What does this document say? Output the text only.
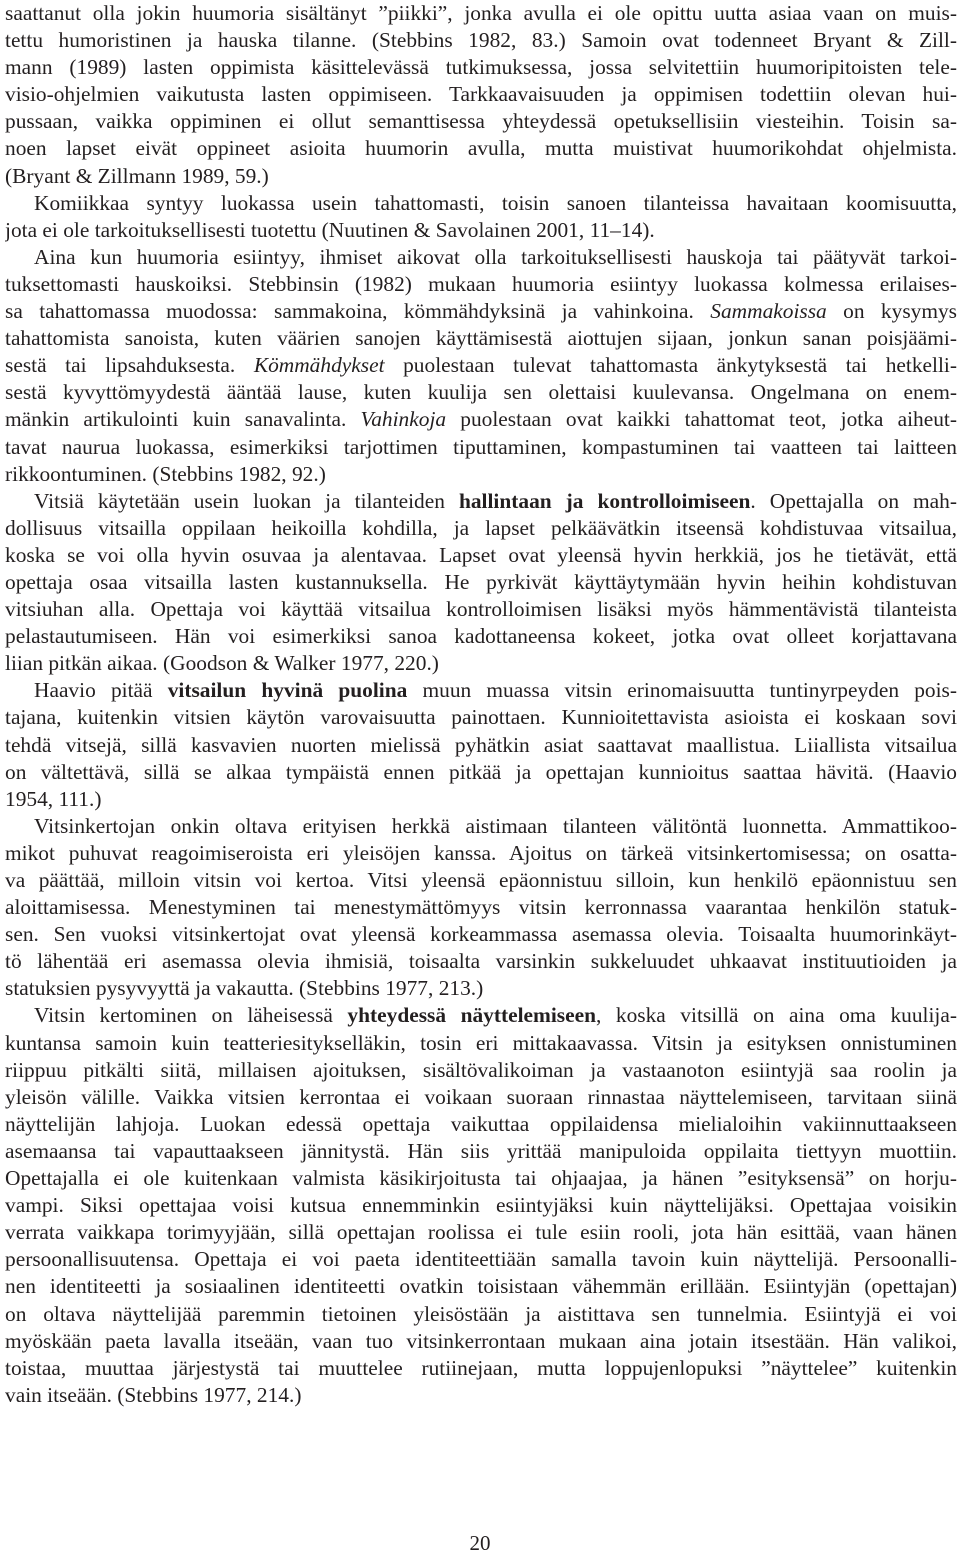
saattanut olla jokin huumoria sisältänyt ”piikki”, jonka avulla ei ole opittu uutta asiaa vaan on muis-
tettu humoristinen ja hauska tilanne. (Stebbins 1982, 83.) Samoin ovat todenneet Bryant & Zill-
mann (1989) lasten oppimista käsittelevässä tutkimuksessa, jossa selvitettiin huumoripitoisten tele-
visio-ohjelmien vaikutusta lasten oppimiseen. Tarkkaavaisuuden ja oppimisen todettiin olevan hui-
pussaan, vaikka oppiminen ei ollut semanttisessa yhteydessä opetuksellisiin viesteihin. Toisin sa-
noen lapset eivät oppineet asioita huumorin avulla, mutta muistivat huumorikohdat ohjelmista.
(Bryant & Zillmann 1989, 59.)
Komiikkaa syntyy luokassa usein tahattomasti, toisin sanoen tilanteissa havaitaan koomisuutta,
jota ei ole tarkoituksellisesti tuotettu (Nuutinen & Savolainen 2001, 11–14).
Aina kun huumoria esiintyy, ihmiset aikovat olla tarkoituksellisesti hauskoja tai päätyvät tarkoi-
tuksettomasti hauskoiksi. Stebbinsin (1982) mukaan huumoria esiintyy luokassa kolmessa erilaises-
sa tahattomassa muodossa: sammakoina, kömmähdyksinä ja vahinkoina. Sammakoissa on kysymys
tahattomista sanoista, kuten väärien sanojen käyttämisestä aiottujen sijaan, jonkun sanan poisjäämi-
sestä tai lipsahduksesta. Kömmähdykset puolestaan tulevat tahattomasta änkytyksestä tai hetkelli-
sestä kyvyttömyydestä ääntää lause, kuten kuulija sen olettaisi kuulevansa. Ongelmana on enem-
mänkin artikulointi kuin sanavalinta. Vahinkoja puolestaan ovat kaikki tahattomat teot, jotka aiheut-
tavat naurua luokassa, esimerkiksi tarjottimen tiputtaminen, kompastuminen tai vaatteen tai laitteen
rikkoontuminen. (Stebbins 1982, 92.)
Vitsiä käytetään usein luokan ja tilanteiden hallintaan ja kontrolloimiseen. Opettajalla on mah-
dollisuus vitsailla oppilaan heikoilla kohdilla, ja lapset pelkäävätkin itseensä kohdistuvaa vitsailua,
koska se voi olla hyvin osuvaa ja alentavaa. Lapset ovat yleensä hyvin herkkiä, jos he tietävät, että
opettaja osaa vitsailla lasten kustannuksella. He pyrkivät käyttäytymään hyvin heihin kohdistuvan
vitsiuhan alla. Opettaja voi käyttää vitsailua kontrolloimisen lisäksi myös hämmentävistä tilanteista
pelastautumiseen. Hän voi esimerkiksi sanoa kadottaneensa kokeet, jotka ovat olleet korjattavana
liian pitkän aikaa. (Goodson & Walker 1977, 220.)
Haavio pitää vitsailun hyvinä puolina muun muassa vitsin erinomaisuutta tuntinyrpeyden pois-
tajana, kuitenkin vitsien käytön varovaisuutta painottaen. Kunnioitettavista asioista ei koskaan sovi
tehdä vitsejä, sillä kasvavien nuorten mielissä pyhätkin asiat saattavat maallistua. Liiallista vitsailua
on vältettävä, sillä se alkaa tympäistä ennen pitkää ja opettajan kunnioitus saattaa hävitä. (Haavio
1954, 111.)
Vitsinkertojan onkin oltava erityisen herkkä aistimaan tilanteen välitöntä luonnetta. Ammattikoo-
mikot puhuvat reagoimiseroista eri yleisöjen kanssa. Ajoitus on tärkeä vitsinkertomisessa; on osatta-
va päättää, milloin vitsin voi kertoa. Vitsi yleensä epäonnistuu silloin, kun henkilö epäonnistuu sen
aloittamisessa. Menestyminen tai menestymättömyys vitsin kerronnassa vaarantaa henkilön statuk-
sen. Sen vuoksi vitsinkertojat ovat yleensä korkeammassa asemassa olevia. Toisaalta huumorinkäyt-
tö lähentää eri asemassa olevia ihmisiä, toisaalta varsinkin sukkeluudet uhkaavat instituutioiden ja
statuksien pysyvyyttä ja vakautta. (Stebbins 1977, 213.)
Vitsin kertominen on läheisessä yhteydessä näyttelemiseen, koska vitsillä on aina oma kuulija-
kuntansa samoin kuin teatteriesitykselläkin, tosin eri mittakaavassa. Vitsin ja esityksen onnistuminen
riippuu pitkälti siitä, millaisen ajoituksen, sisältövalikoiman ja vastaanoton esiintyjä saa roolin ja
yleisön välille. Vaikka vitsien kerrontaa ei voikaan suoraan rinnastaa näyttelemiseen, tarvitaan siinä
näyttelijän lahjoja. Luokan edessä opettaja vaikuttaa oppilaidensa mielialoihin vakiinnuttaakseen
asemaansa tai vapauttaakseen jännitystä. Hän siis yrittää manipuloida oppilaita tiettyyn muottiin.
Opettajalla ei ole kuitenkaan valmista käsikirjoitusta tai ohjaajaa, ja hänen ”esityksensä” on horju-
vampi. Siksi opettajaa voisi kutsua ennemminkin esiintyjäksi kuin näyttelijäksi. Opettajaa voisikin
verrata vaikkapa torimyyjään, sillä opettajan roolissa ei tule esiin rooli, jota hän esittää, vaan hänen
persoonallisuutensa. Opettaja ei voi paeta identiteettiään samalla tavoin kuin näyttelijä. Persoonalli-
nen identiteetti ja sosiaalinen identiteetti ovatkin toisistaan vähemmän erillään. Esiintyjän (opettajan)
on oltava näyttelijää paremmin tietoinen yleisöstään ja aistittava sen tunnelmia. Esiintyjä ei voi
myöskään paeta lavalla itseään, vaan tuo vitsinkerrontaan mukaan aina jotain itsestään. Hän valikoi,
toistaa, muuttaa järjestystä tai muuttelee rutiinejaan, mutta loppujenlopuksi ”näyttelee” kuitenkin
vain itseään. (Stebbins 1977, 214.)
20
